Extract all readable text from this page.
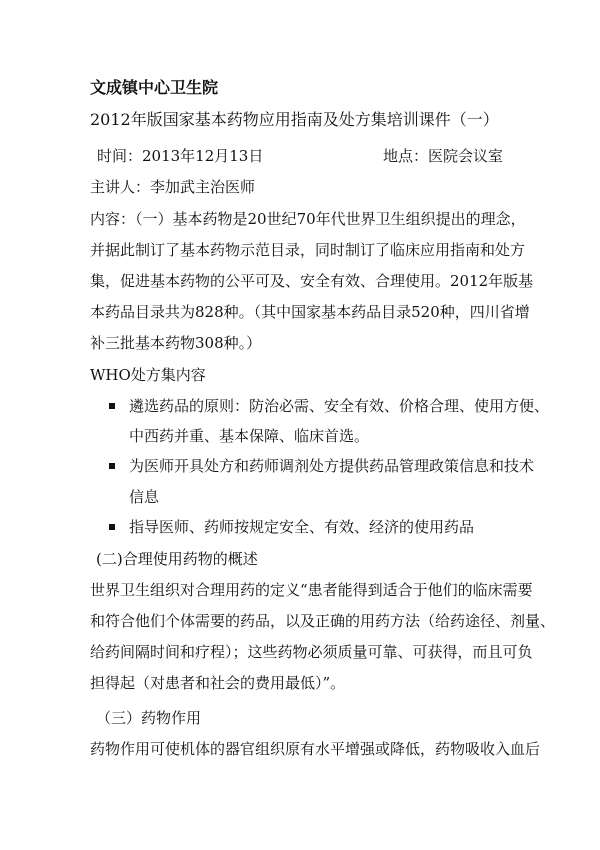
文成镇中心卫生院
2012年版国家基本药物应用指南及处方集培训课件（一）
时间：2013年12月13日	地点：医院会议室
主讲人：李加武主治医师
内容：（一）基本药物是20世纪70年代世界卫生组织提出的理念，
并据此制订了基本药物示范目录，同时制订了临床应用指南和处方
集，促进基本药物的公平可及、安全有效、合理使用。2012年版基
本药品目录共为828种。（其中国家基本药品目录520种，四川省增
补三批基本药物308种。）
WHO处方集内容
遴选药品的原则：防治必需、安全有效、价格合理、使用方便、
中西药并重、基本保障、临床首选。
为医师开具处方和药师调剂处方提供药品管理政策信息和技术
信息
指导医师、药师按规定安全、有效、经济的使用药品
(二)合理使用药物的概述
世界卫生组织对合理用药的定义“患者能得到适合于他们的临床需要
和符合他们个体需要的药品，以及正确的用药方法（给药途径、剂量、
给药间隔时间和疗程）；这些药物必须质量可靠、可获得，而且可负
担得起（对患者和社会的费用最低）”。
（三）药物作用
药物作用可使机体的器官组织原有水平增强或降低，药物吸收入血后
